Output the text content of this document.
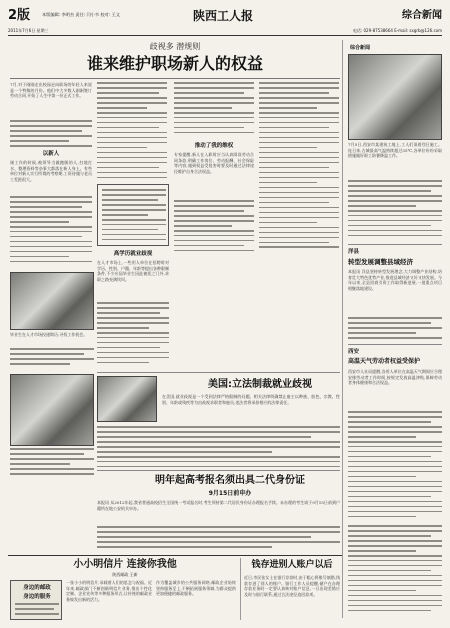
2版	本版编辑: 李明杰 责任: 闫小韦 校对: 王文	陕西工人报	综合新闻
2011年7月6日 星期三	电话: 029-87538664 E-mail: sxgrb@126.com
歧视多 潜规则
谁来维护职场新人的权益
7月,对于刚刚走出校园走向职场的年轻人来说是一个特殊的月份。他们中大多数人刚刚签订劳动合同,开始了人生中第一份正式工作。
以新人
刚工作的时候,被领导当做跑腿的人,扫地打水、整理资料等杂事大都落在新人身上。有些单位对新人实行所谓的考察期,工资待遇与老员工差距很大。
毕业生在人才市场投递简历,寻找工作机会。
高学历就业歧视
在人才市场上,一些用人单位在招聘时对学历、性别、户籍、年龄等提出各种限制条件,不少应届毕业生因此被拒之门外,求职之路充满坎坷。
推动了我的维权
专家提醒,新人在入职时应当认真阅读劳动合同条款,明确工作岗位、劳动报酬、社会保险等内容,遇到权益受侵害时要及时通过法律途径维护自身合法权益。
综合新闻
7月5日,西安市某建筑工地上,工人们顶着烈日施工。连日来,古城最高气温持续超过35℃,各单位纷纷采取措施做好职工防暑降温工作。
洋县
转型发展调整县域经济
本报讯 洋县坚持转型发展理念,大力调整产业结构,培育壮大特色优势产业,推进县域经济又好又快发展。今年以来,全县招商引资工作取得新进展,一批重点项目相继落地建设。
西安
高温天气劳动者权益受保护
西安市人社局提醒,各用人单位在高温天气期间应合理安排劳动者工作时间,按规定发放高温津贴,保障劳动者身体健康和合法权益。
美国:立法制裁就业歧视
在美国,就业歧视是一个受到法律严格限制的问题。相关法律明确禁止雇主以种族、肤色、宗教、性别、年龄或残疾等为由歧视求职者和雇员,违法者将承担相应的法律责任。
明年起高考报名须出具二代身份证
9月15日前申办
本报讯 从2012年起,我省普通高校招生全国统一考试报名时,考生须持第二代居民身份证办理报名手续。未办理的考生请于9月15日前到户籍所在地公安机关申办。
小小明信片 连接你我他
陕西邮政 王新
身边的邮政
身边的服务
一张小小的明信片,承载着人们的思念与祝福。近年来,邮政部门不断创新明信片业务,推出个性化定制、企业宣传等多种服务形式,让传统的邮政业务焕发出新的活力。
作为覆盖城乡的公共服务网络,邮政企业始终坚持服务至上,不断拓展服务领域,为群众提供更加便捷的邮政服务。
钱存进别人账户以后
近日,市民张女士在银行存款时,由于粗心将账号填错,钱款存进了别人的账户。银行工作人员提醒,储户在办理存款业务时一定要认真核对账户信息,一旦出现差错应及时与银行联系,通过合法途径追回款项。
